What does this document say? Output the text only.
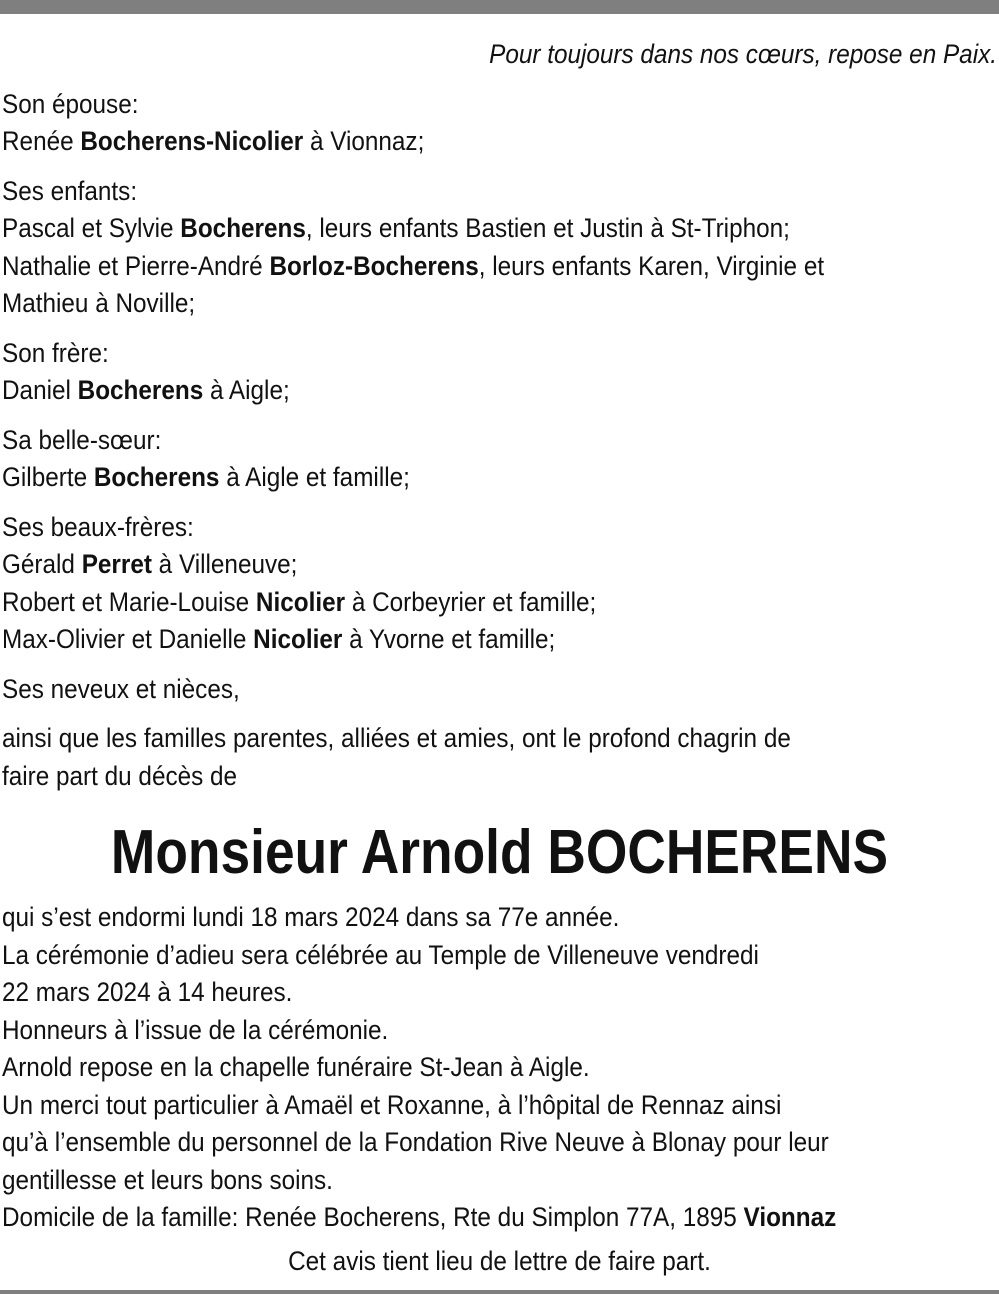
Pour toujours dans nos cœurs, repose en Paix.
Son épouse:
Renée Bocherens-Nicolier à Vionnaz;
Ses enfants:
Pascal et Sylvie Bocherens, leurs enfants Bastien et Justin à St-Triphon;
Nathalie et Pierre-André Borloz-Bocherens, leurs enfants Karen, Virginie et
Mathieu à Noville;
Son frère:
Daniel Bocherens à Aigle;
Sa belle-sœur:
Gilberte Bocherens à Aigle et famille;
Ses beaux-frères:
Gérald Perret à Villeneuve;
Robert et Marie-Louise Nicolier à Corbeyrier et famille;
Max-Olivier et Danielle Nicolier à Yvorne et famille;
Ses neveux et nièces,
ainsi que les familles parentes, alliées et amies, ont le profond chagrin de
faire part du décès de
Monsieur Arnold BOCHERENS
qui s’est endormi lundi 18 mars 2024 dans sa 77e année.
La cérémonie d’adieu sera célébrée au Temple de Villeneuve vendredi
22 mars 2024 à 14 heures.
Honneurs à l’issue de la cérémonie.
Arnold repose en la chapelle funéraire St-Jean à Aigle.
Un merci tout particulier à Amaël et Roxanne, à l’hôpital de Rennaz ainsi
qu’à l’ensemble du personnel de la Fondation Rive Neuve à Blonay pour leur
gentillesse et leurs bons soins.
Domicile de la famille: Renée Bocherens, Rte du Simplon 77A, 1895 Vionnaz
Cet avis tient lieu de lettre de faire part.
